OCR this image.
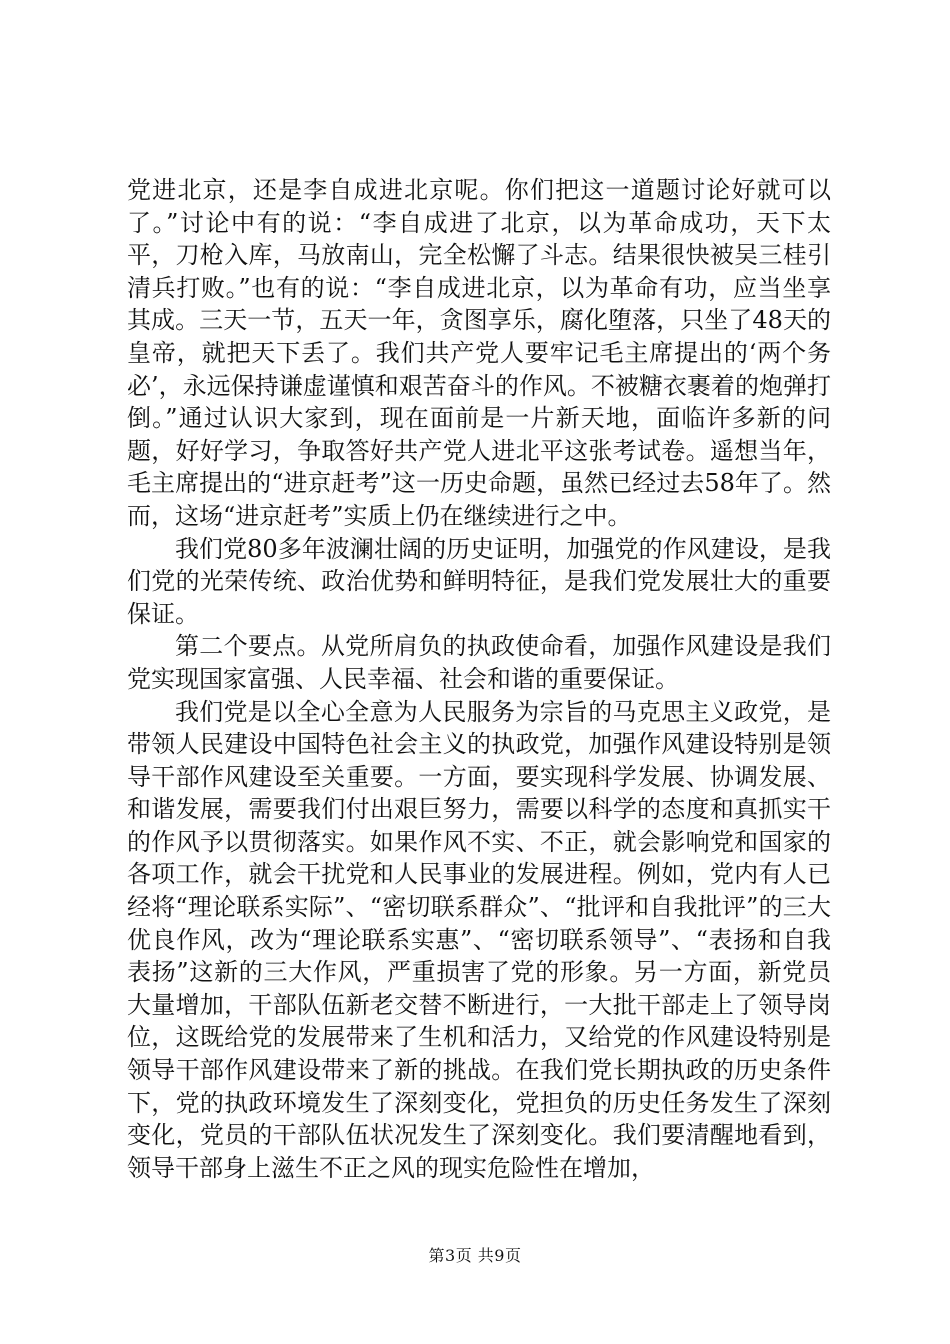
党进北京，还是李自成进北京呢。你们把这一道题讨论好就可以了。”讨论中有的说：“李自成进了北京，以为革命成功，天下太平，刀枪入库，马放南山，完全松懈了斗志。结果很快被吴三桂引清兵打败。”也有的说：“李自成进北京，以为革命有功，应当坐享其成。三天一节，五天一年，贪图享乐，腐化堕落，只坐了48天的皇帝，就把天下丢了。我们共产党人要牢记毛主席提出的‘两个务必’，永远保持谦虚谨慎和艰苦奋斗的作风。不被糖衣裹着的炮弹打倒。”通过认识大家到，现在面前是一片新天地，面临许多新的问题，好好学习，争取答好共产党人进北平这张考试卷。遥想当年，毛主席提出的“进京赶考”这一历史命题，虽然已经过去58年了。然而，这场“进京赶考”实质上仍在继续进行之中。

我们党80多年波澜壮阔的历史证明，加强党的作风建设，是我们党的光荣传统、政治优势和鲜明特征，是我们党发展壮大的重要保证。

第二个要点。从党所肩负的执政使命看，加强作风建设是我们党实现国家富强、人民幸福、社会和谐的重要保证。

我们党是以全心全意为人民服务为宗旨的马克思主义政党，是带领人民建设中国特色社会主义的执政党，加强作风建设特别是领导干部作风建设至关重要。一方面，要实现科学发展、协调发展、和谐发展，需要我们付出艰巨努力，需要以科学的态度和真抓实干的作风予以贯彻落实。如果作风不实、不正，就会影响党和国家的各项工作，就会干扰党和人民事业的发展进程。例如，党内有人已经将“理论联系实际”、“密切联系群众”、“批评和自我批评”的三大优良作风，改为“理论联系实惠”、“密切联系领导”、“表扬和自我表扬”这新的三大作风，严重损害了党的形象。另一方面，新党员大量增加，干部队伍新老交替不断进行，一大批干部走上了领导岗位，这既给党的发展带来了生机和活力，又给党的作风建设特别是领导干部作风建设带来了新的挑战。在我们党长期执政的历史条件下，党的执政环境发生了深刻变化，党担负的历史任务发生了深刻变化，党员的干部队伍状况发生了深刻变化。我们要清醒地看到，领导干部身上滋生不正之风的现实危险性在增加，

第3页 共9页
